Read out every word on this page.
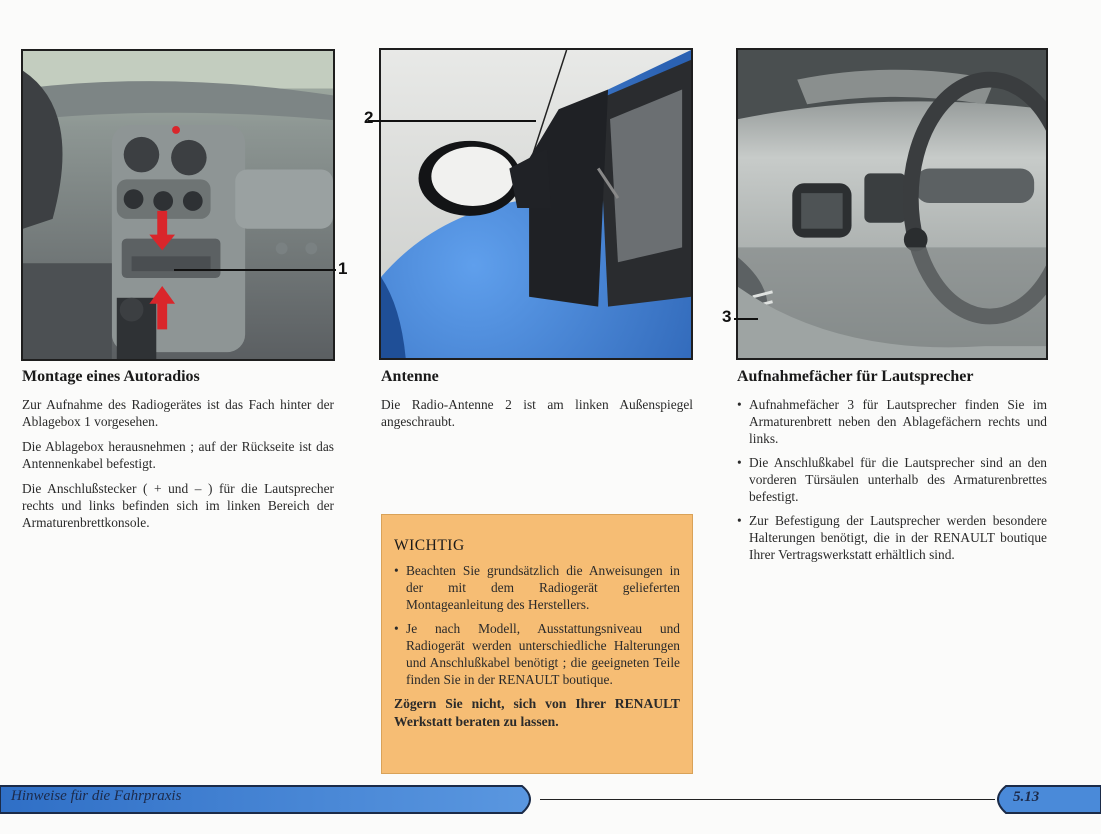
1
2
3
Montage eines Autoradios

Zur Aufnahme des Radiogerätes ist das Fach hinter der Ablagebox 1 vorgesehen.

Die Ablagebox herausnehmen ; auf der Rückseite ist das Antennenkabel befestigt.

Die Anschlußstecker ( + und – ) für die Lautsprecher rechts und links befinden sich im linken Bereich der Armaturenbrettkonsole.

Antenne

Die Radio-Antenne 2 ist am linken Außenspiegel angeschraubt.

Aufnahmefächer für Lautsprecher
• Aufnahmefächer 3 für Lautsprecher finden Sie im Armaturenbrett neben den Ablagefächern rechts und links.
• Die Anschlußkabel für die Lautsprecher sind an den vorderen Türsäulen unterhalb des Armaturenbrettes befestigt.
• Zur Befestigung der Lautsprecher werden besondere Halterungen benötigt, die in der RENAULT boutique Ihrer Vertragswerkstatt erhältlich sind.
WICHTIG
• Beachten Sie grundsätzlich die Anweisungen in der mit dem Radiogerät gelieferten Montageanleitung des Herstellers.
• Je nach Modell, Ausstattungsniveau und Radiogerät werden unterschiedliche Halterungen und Anschlußkabel benötigt ; die geeigneten Teile finden Sie in der RENAULT boutique.
Zögern Sie nicht, sich von Ihrer RENAULT Werkstatt beraten zu lassen.
Hinweise für die Fahrpraxis	5.13
